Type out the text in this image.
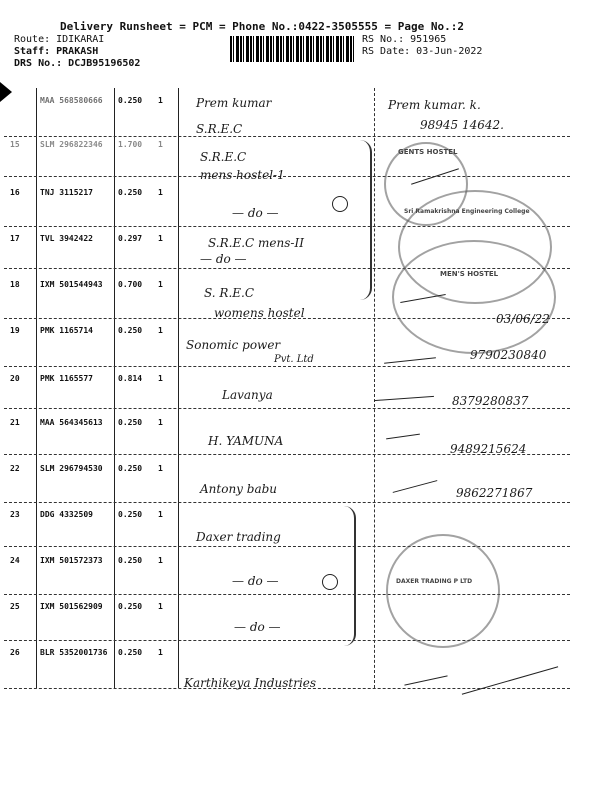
Delivery Runsheet = PCM = Phone No.:0422-3505555 = Page No.:2
Route: IDIKARAI
Staff: PRAKASH
DRS No.: DCJB95196502
RS No.: 951965
RS Date: 03-Jun-2022
MAA 568580666 0.250 1	Prem kumar
S.R.E.C
Prem kumar. k.
98945 14642.
15	SLM 296822346 1.700 1
S.R.E.C
mens hostel-1
16	TNJ 3115217	0.250 1
— do —
17	TVL 3942422	0.297 1	S.R.E.C mens-II
— do —
18	IXM 501544943 0.700 1
S. R.E.C
womens hostel	03/06/22
19	PMK 1165714	0.250 1
Sonomic power
Pvt. Ltd	9790230840
20	PMK 1165577	0.814 1
Lavanya	8379280837
21	MAA 564345613 0.250 1
H. YAMUNA
9489215624
22	SLM 296794530 0.250 1
Antony babu	9862271867
23	DDG 4332509	0.250 1
Daxer trading
24	IXM 501572373 0.250 1
— do —
25	IXM 501562909 0.250 1
— do —
26	BLR 5352001736 0.250 1
Karthikeya Industries
GENTS HOSTEL
Sri Ramakrishna Engineering College
MEN'S HOSTEL
DAXER TRADING P LTD
